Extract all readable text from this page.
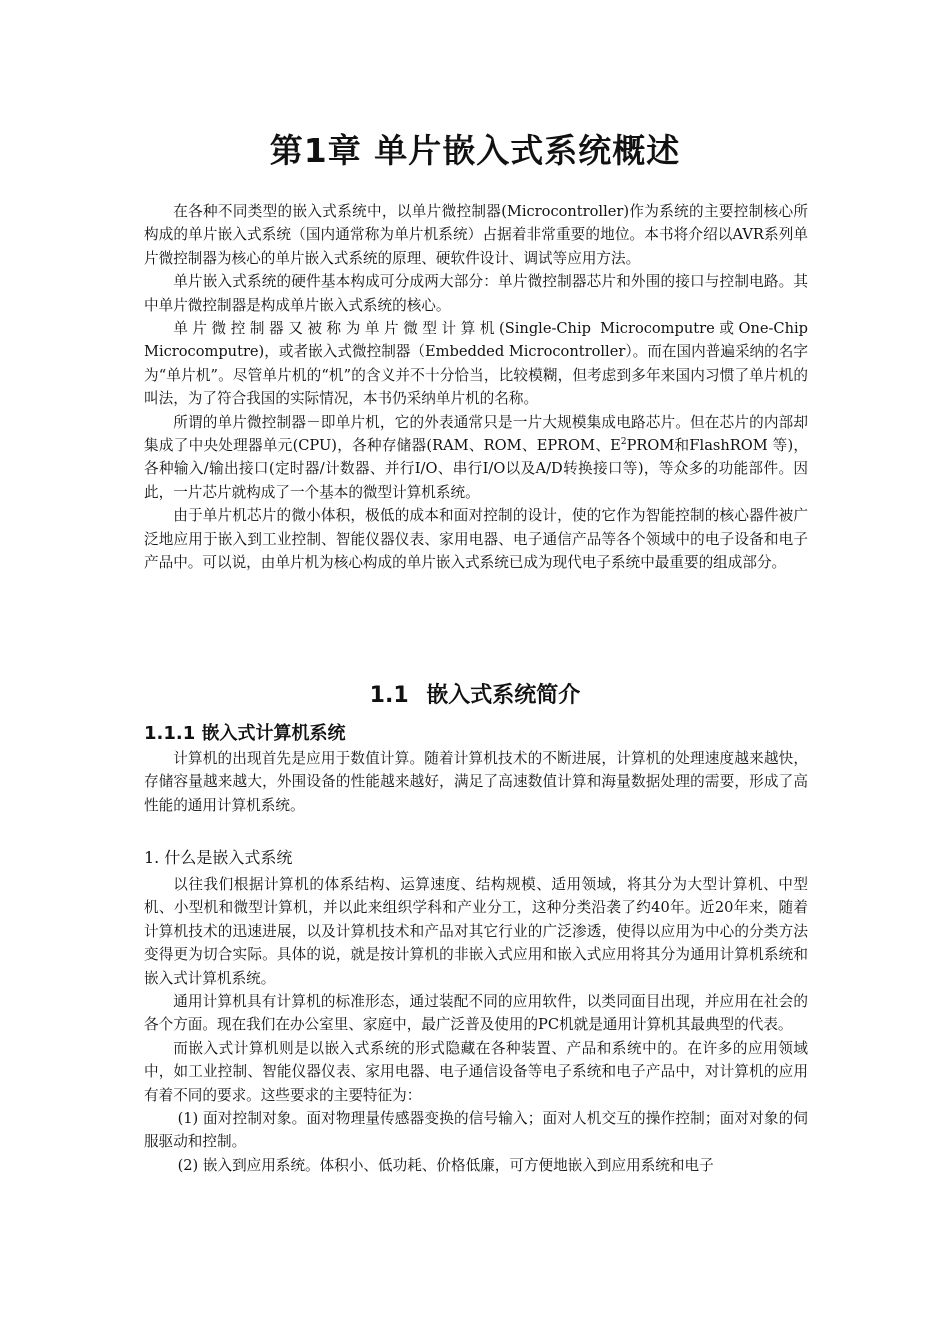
第1章 单片嵌入式系统概述

在各种不同类型的嵌入式系统中，以单片微控制器(Microcontroller)作为系统的主要控制核心所构成的单片嵌入式系统（国内通常称为单片机系统）占据着非常重要的地位。本书将介绍以AVR系列单片微控制器为核心的单片嵌入式系统的原理、硬软件设计、调试等应用方法。

单片嵌入式系统的硬件基本构成可分成两大部分：单片微控制器芯片和外围的接口与控制电路。其中单片微控制器是构成单片嵌入式系统的核心。

单片微控制器又被称为单片微型计算机(Single-Chip Microcomputre或One-Chip Microcomputre)，或者嵌入式微控制器（Embedded Microcontroller）。而在国内普遍采纳的名字为“单片机”。尽管单片机的“机”的含义并不十分恰当，比较模糊，但考虑到多年来国内习惯了单片机的叫法，为了符合我国的实际情况，本书仍采纳单片机的名称。

所谓的单片微控制器－即单片机，它的外表通常只是一片大规模集成电路芯片。但在芯片的内部却集成了中央处理器单元(CPU)，各种存储器(RAM、ROM、EPROM、$E^2PROM$和FlashROM 等)，各种输入/输出接口(定时器/计数器、并行I/O、串行I/O以及A/D转换接口等)，等众多的功能部件。因此，一片芯片就构成了一个基本的微型计算机系统。

由于单片机芯片的微小体积，极低的成本和面对控制的设计，使的它作为智能控制的核心器件被广泛地应用于嵌入到工业控制、智能仪器仪表、家用电器、电子通信产品等各个领域中的电子设备和电子产品中。可以说，由单片机为核心构成的单片嵌入式系统已成为现代电子系统中最重要的组成部分。

1.1 嵌入式系统简介
1.1.1 嵌入式计算机系统

计算机的出现首先是应用于数值计算。随着计算机技术的不断进展，计算机的处理速度越来越快，存储容量越来越大，外围设备的性能越来越好，满足了高速数值计算和海量数据处理的需要，形成了高性能的通用计算机系统。

1. 什么是嵌入式系统

以往我们根据计算机的体系结构、运算速度、结构规模、适用领域，将其分为大型计算机、中型机、小型机和微型计算机，并以此来组织学科和产业分工，这种分类沿袭了约40年。近20年来，随着计算机技术的迅速进展，以及计算机技术和产品对其它行业的广泛渗透，使得以应用为中心的分类方法变得更为切合实际。具体的说，就是按计算机的非嵌入式应用和嵌入式应用将其分为通用计算机系统和嵌入式计算机系统。

通用计算机具有计算机的标准形态，通过装配不同的应用软件，以类同面目出现，并应用在社会的各个方面。现在我们在办公室里、家庭中，最广泛普及使用的PC机就是通用计算机其最典型的代表。

而嵌入式计算机则是以嵌入式系统的形式隐藏在各种装置、产品和系统中的。在许多的应用领域中，如工业控制、智能仪器仪表、家用电器、电子通信设备等电子系统和电子产品中，对计算机的应用有着不同的要求。这些要求的主要特征为：

(1) 面对控制对象。面对物理量传感器变换的信号输入；面对人机交互的操作控制；面对对象的伺服驱动和控制。

(2) 嵌入到应用系统。体积小、低功耗、价格低廉，可方便地嵌入到应用系统和电子
